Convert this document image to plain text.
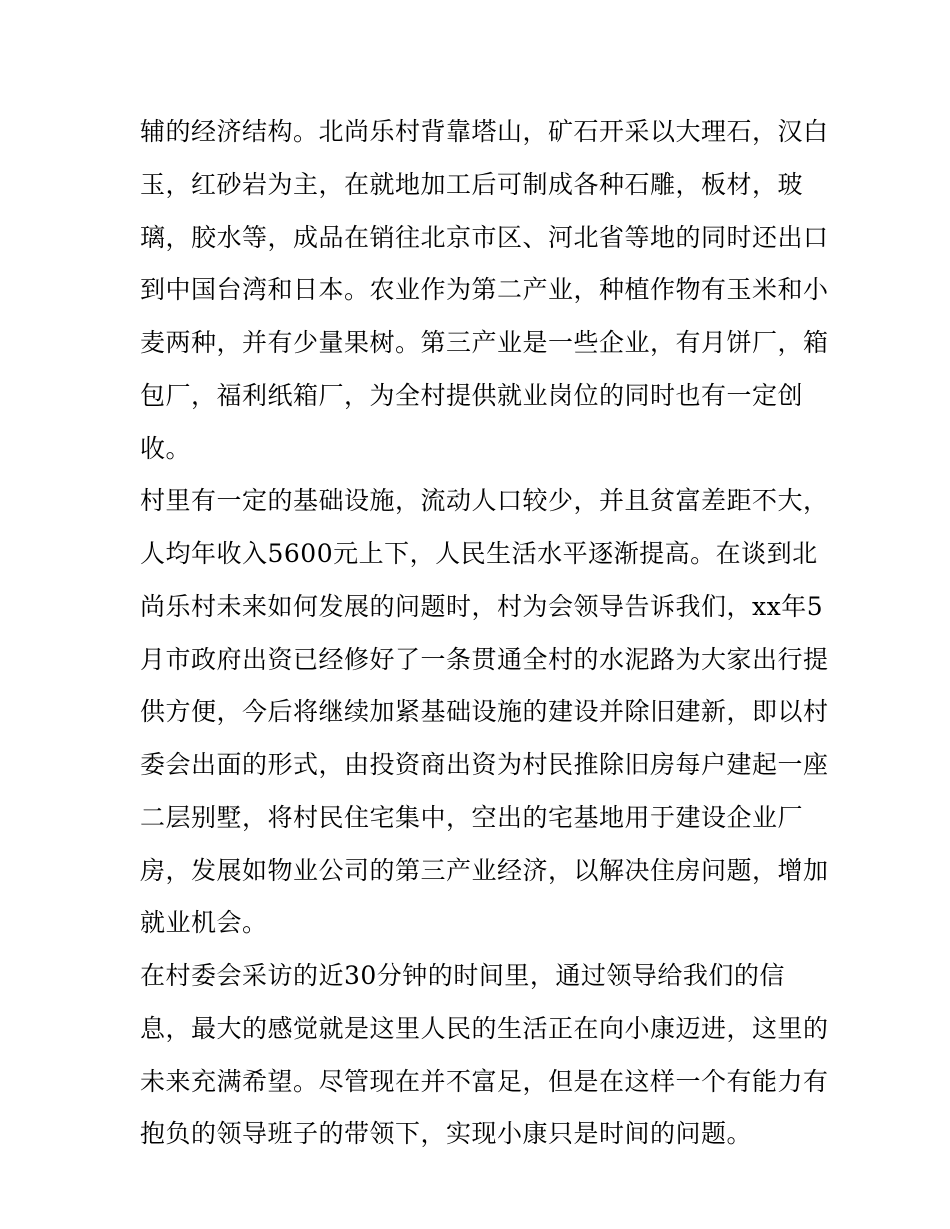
辅的经济结构。北尚乐村背靠塔山，矿石开采以大理石，汉白
玉，红砂岩为主，在就地加工后可制成各种石雕，板材，玻
璃，胶水等，成品在销往北京市区、河北省等地的同时还出口
到中国台湾和日本。农业作为第二产业，种植作物有玉米和小
麦两种，并有少量果树。第三产业是一些企业，有月饼厂，箱
包厂，福利纸箱厂，为全村提供就业岗位的同时也有一定创
收。
村里有一定的基础设施，流动人口较少，并且贫富差距不大，
人均年收入5600元上下，人民生活水平逐渐提高。在谈到北
尚乐村未来如何发展的问题时，村为会领导告诉我们，xx年5
月市政府出资已经修好了一条贯通全村的水泥路为大家出行提
供方便，今后将继续加紧基础设施的建设并除旧建新，即以村
委会出面的形式，由投资商出资为村民推除旧房每户建起一座
二层别墅，将村民住宅集中，空出的宅基地用于建设企业厂
房，发展如物业公司的第三产业经济，以解决住房问题，增加
就业机会。
在村委会采访的近30分钟的时间里，通过领导给我们的信
息，最大的感觉就是这里人民的生活正在向小康迈进，这里的
未来充满希望。尽管现在并不富足，但是在这样一个有能力有
抱负的领导班子的带领下，实现小康只是时间的问题。
